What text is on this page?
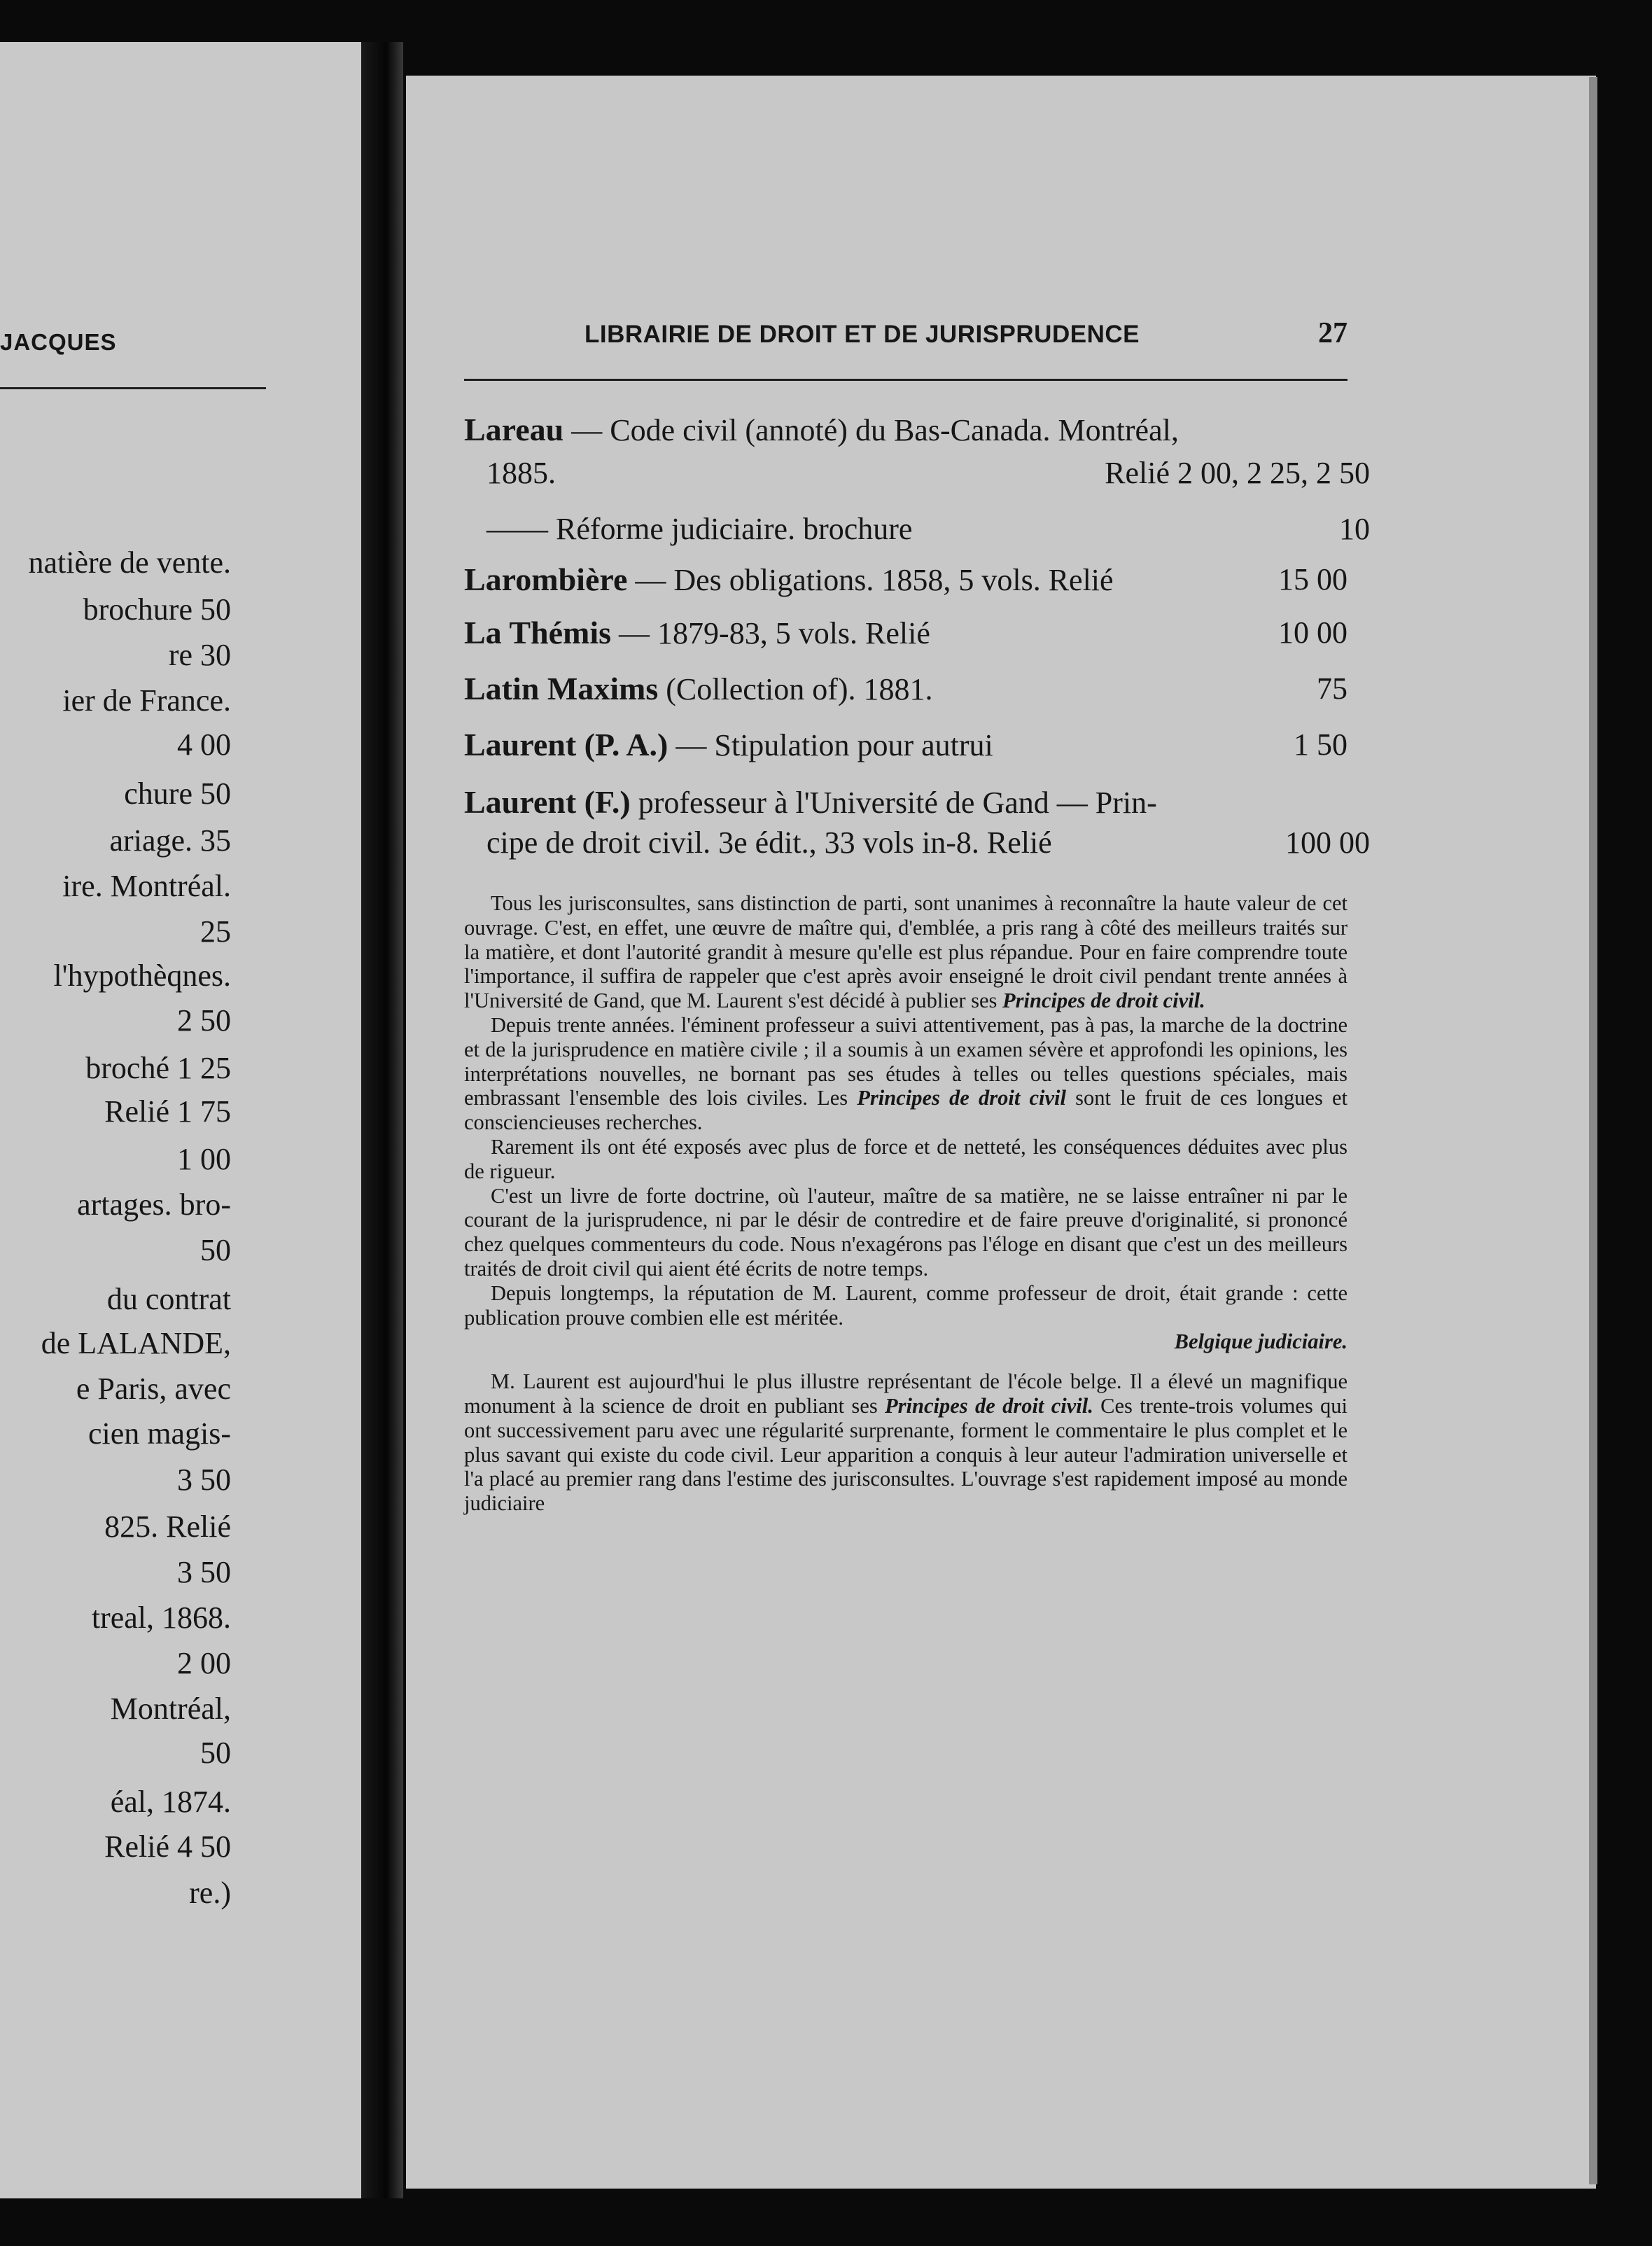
JACQUES
natière de vente.
brochure 50
re 30
ier de France.
4 00
chure 50
ariage. 35
ire. Montréal.
25
l'hypothèqnes.
2 50
broché 1 25
Relié 1 75
1 00
artages. bro-
50
du contrat
de LALANDE,
e Paris, avec
cien magis-
3 50
825. Relié
3 50
treal, 1868.
2 00
Montréal,
50
éal, 1874.
Relié 4 50
re.)
LIBRAIRIE DE DROIT ET DE JURISPRUDENCE	27
Lareau — Code civil (annoté) du Bas-Canada. Montréal,
1885.	Relié 2 00, 2 25, 2 50
—— Réforme judiciaire. brochure	10
Larombière — Des obligations. 1858, 5 vols. Relié	15 00
La Thémis — 1879-83, 5 vols. Relié	10 00
Latin Maxims (Collection of). 1881.	75
Laurent (P. A.) — Stipulation pour autrui	1 50
Laurent (F.) professeur à l'Université de Gand — Prin-
cipe de droit civil. 3e édit., 33 vols in-8. Relié	100 00

Tous les jurisconsultes, sans distinction de parti, sont unanimes à reconnaître la haute valeur de cet ouvrage. C'est, en effet, une œuvre de maître qui, d'emblée, a pris rang à côté des meilleurs traités sur la matière, et dont l'autorité grandit à mesure qu'elle est plus répandue. Pour en faire comprendre toute l'importance, il suffira de rappeler que c'est après avoir enseigné le droit civil pendant trente années à l'Université de Gand, que M. Laurent s'est décidé à publier ses Principes de droit civil.

Depuis trente années. l'éminent professeur a suivi attentivement, pas à pas, la marche de la doctrine et de la jurisprudence en matière civile ; il a soumis à un examen sévère et approfondi les opinions, les interprétations nouvelles, ne bornant pas ses études à telles ou telles questions spéciales, mais embrassant l'ensemble des lois civiles. Les Principes de droit civil sont le fruit de ces longues et consciencieuses recherches.

Rarement ils ont été exposés avec plus de force et de netteté, les conséquences déduites avec plus de rigueur.

C'est un livre de forte doctrine, où l'auteur, maître de sa matière, ne se laisse entraîner ni par le courant de la jurisprudence, ni par le désir de contredire et de faire preuve d'originalité, si prononcé chez quelques commenteurs du code. Nous n'exagérons pas l'éloge en disant que c'est un des meilleurs traités de droit civil qui aient été écrits de notre temps.

Depuis longtemps, la réputation de M. Laurent, comme professeur de droit, était grande : cette publication prouve combien elle est méritée.

Belgique judiciaire.

M. Laurent est aujourd'hui le plus illustre représentant de l'école belge. Il a élevé un magnifique monument à la science de droit en publiant ses Principes de droit civil. Ces trente-trois volumes qui ont successivement paru avec une régularité surprenante, forment le commentaire le plus complet et le plus savant qui existe du code civil. Leur apparition a conquis à leur auteur l'admiration universelle et l'a placé au premier rang dans l'estime des jurisconsultes. L'ouvrage s'est rapidement imposé au monde judiciaire
